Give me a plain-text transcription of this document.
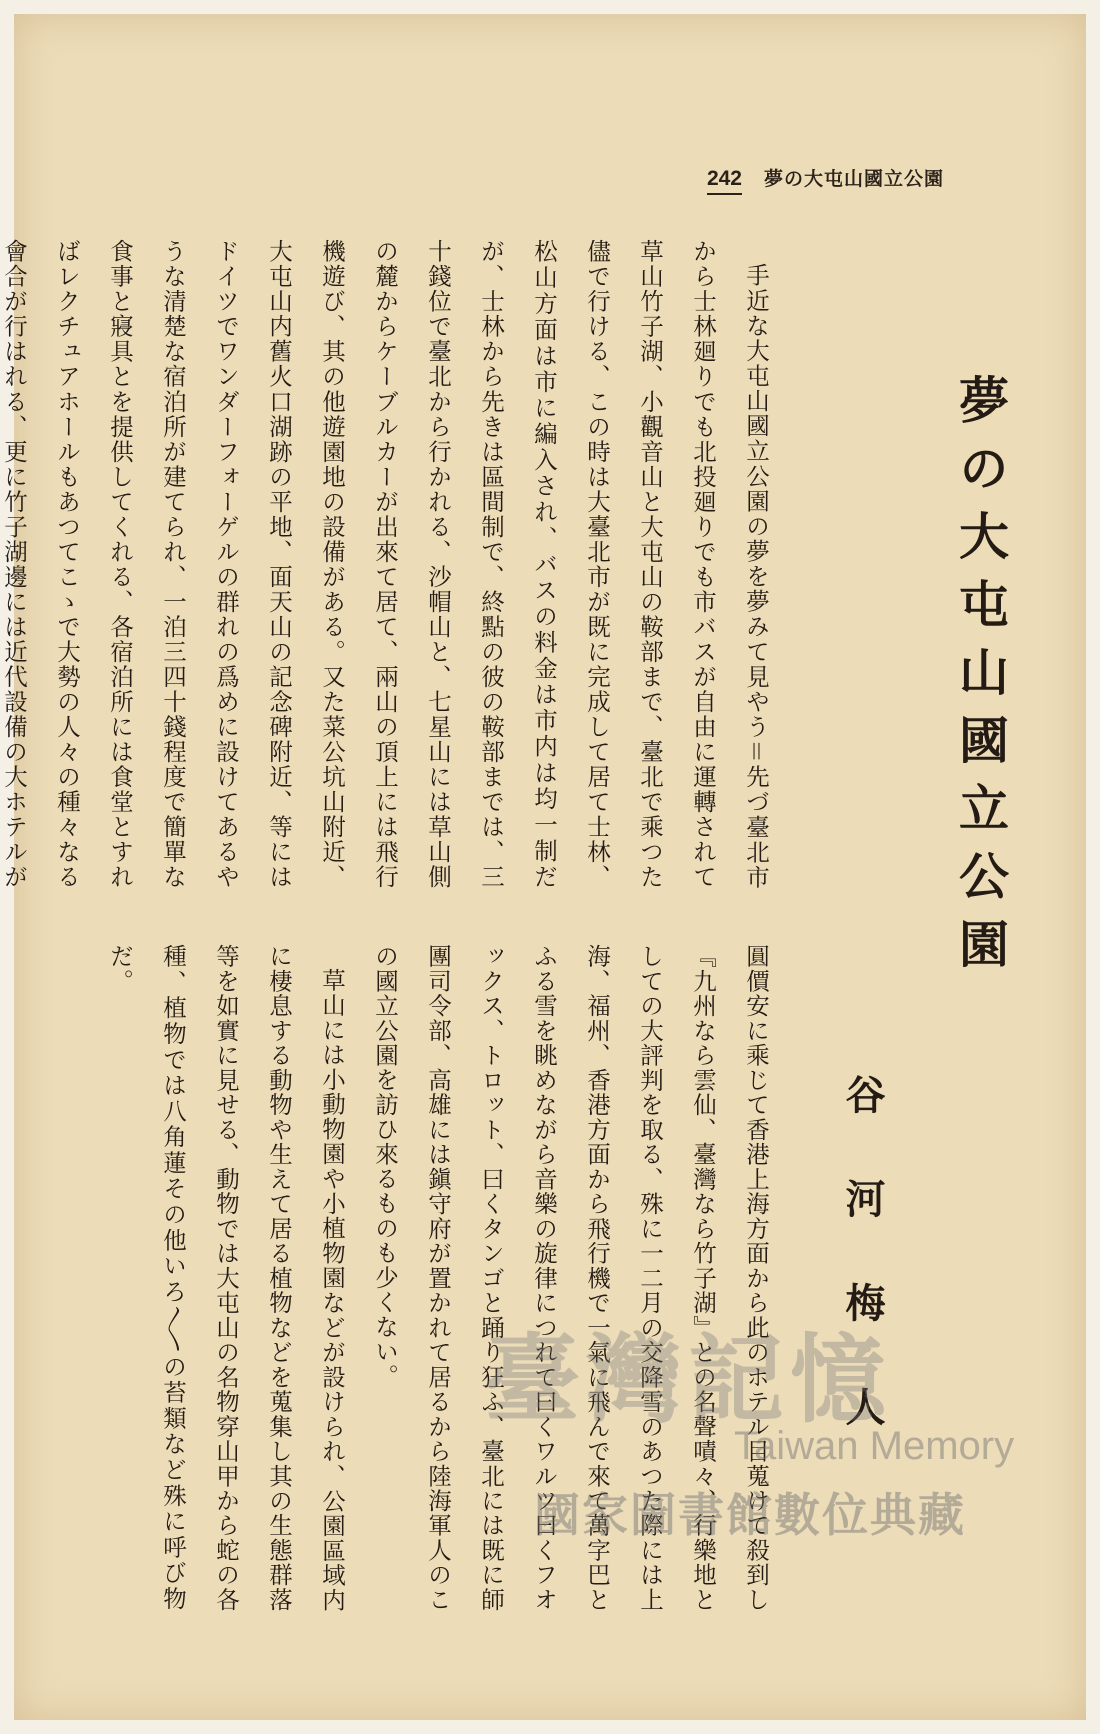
242 夢の大屯山國立公園
夢の大屯山國立公園
谷河梅人

手近な大屯山國立公園の夢を夢みて見やう＝先づ臺北市から士林廻りでも北投廻りでも市バスが自由に運轉されて草山竹子湖、小觀音山と大屯山の鞍部まで、臺北で乘つた儘で行ける、この時は大臺北市が既に完成して居て士林、松山方面は市に編入され、バスの料金は市内は均一制だが、士林から先きは區間制で、終點の彼の鞍部までは、三十錢位で臺北から行かれる、沙帽山と、七星山には草山側の麓からケーブルカーが出來て居て、兩山の頂上には飛行機遊び、其の他遊園地の設備がある。又た菜公坑山附近、大屯山内舊火口湖跡の平地、面天山の記念碑附近、等にはドイツでワンダーフォーゲルの群れの爲めに設けてあるやうな清楚な宿泊所が建てられ、一泊三四十錢程度で簡單な食事と寢具とを提供してくれる、各宿泊所には食堂とすればレクチュアホールもあつてこゝで大勢の人々の種々なる會合が行はれる、更に竹子湖邊には近代設備の大ホテルが

圓價安に乘じて香港上海方面から此のホテル目蒐けて殺到し『九州なら雲仙、臺灣なら竹子湖』との名聲嘖々、行樂地としての大評判を取る、殊に一二月の交降雪のあつた際には上海、福州、香港方面から飛行機で一氣に飛んで來て萬字巴とふる雪を眺めながら音樂の旋律につれて曰くワルツ曰くフオックス、トロット、曰くタンゴと踊り狂ふ、臺北には既に師團司令部、高雄には鎭守府が置かれて居るから陸海軍人のこの國立公園を訪ひ來るものも少くない。

草山には小動物園や小植物園などが設けられ、公園區域内に棲息する動物や生えて居る植物などを蒐集し其の生態群落等を如實に見せる、動物では大屯山の名物穿山甲から蛇の各種、植物では八角蓮その他いろ〳〵の苔類など殊に呼び物だ。

臺灣記憶
Taiwan Memory
國家圖書館數位典藏
